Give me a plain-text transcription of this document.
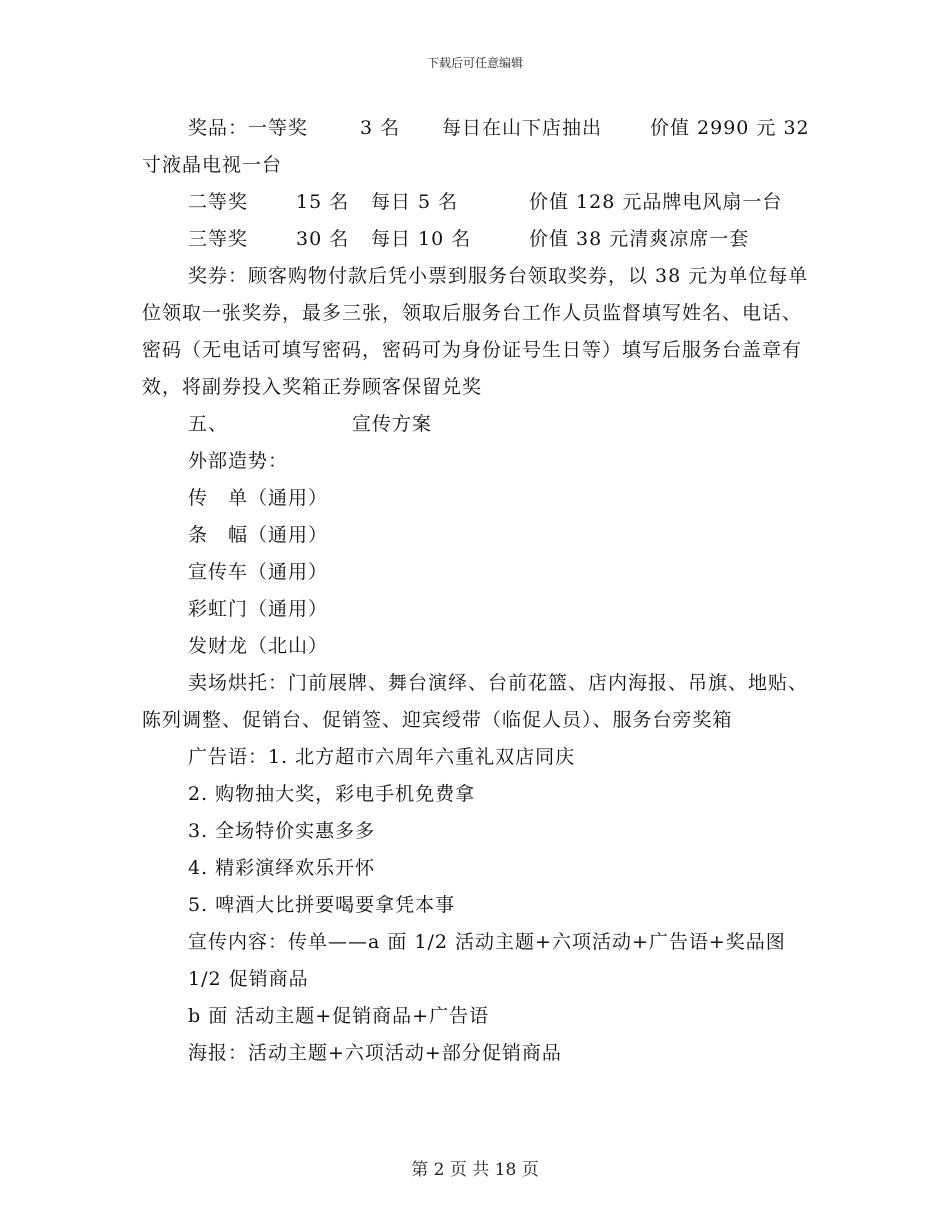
下载后可任意编辑
奖品：一等奖	3 名	每日在山下店抽出	价值 2990 元 32

寸液晶电视一台

二等奖	15 名	每日 5 名	价值 128 元品牌电风扇一台
三等奖	30 名	每日 10 名	价值 38 元清爽凉席一套

奖券：顾客购物付款后凭小票到服务台领取奖券，以 38 元为单位每单位领取一张奖券，最多三张，领取后服务台工作人员监督填写姓名、电话、密码（无电话可填写密码，密码可为身份证号生日等）填写后服务台盖章有效，将副券投入奖箱正券顾客保留兑奖

五、	宣传方案

外部造势：

传　单（通用）

条　幅（通用）

宣传车（通用）

彩虹门（通用）

发财龙（北山）

卖场烘托：门前展牌、舞台演绎、台前花篮、店内海报、吊旗、地贴、陈列调整、促销台、促销签、迎宾绶带（临促人员）、服务台旁奖箱

广告语：1. 北方超市六周年六重礼双店同庆

2. 购物抽大奖，彩电手机免费拿

3. 全场特价实惠多多

4. 精彩演绎欢乐开怀

5. 啤酒大比拼要喝要拿凭本事

宣传内容：传单——a 面 1/2 活动主题+六项活动+广告语+奖品图

1/2 促销商品

b 面 活动主题+促销商品+广告语

海报：活动主题+六项活动+部分促销商品

第 2 页 共 18 页
